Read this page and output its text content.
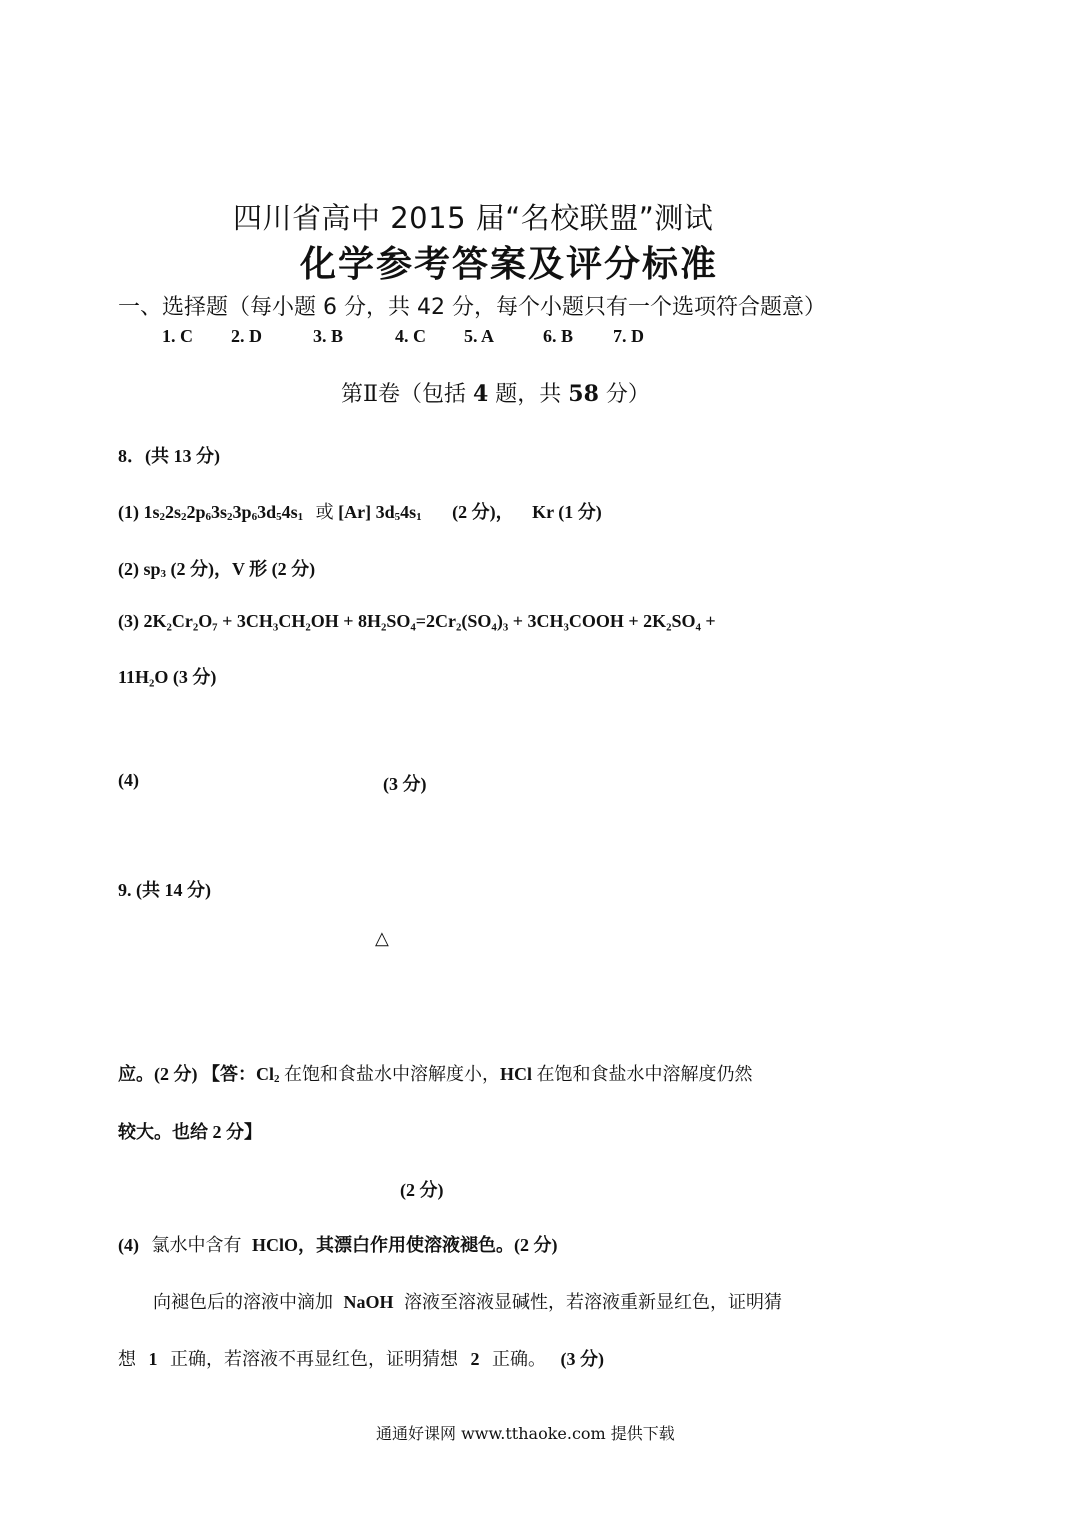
四川省高中 2015 届“名校联盟”测试
化学参考答案及评分标准
一、选择题（每小题 6 分，共 42 分，每个小题只有一个选项符合题意）
1. C 2. D	3. B	4. C 5. A	6. B 7. D
第Ⅱ卷（包括 4 题，共 58 分）
8．(共 13 分)
(1) $1s_22s_22p_63s_23p_63d_54s_1$ 或 [Ar] $3d_54s_1$ (2 分)， Kr (1 分)
(2) $sp_3$ (2 分)，V 形 (2 分)
(3) 2K₂Cr₂O₇ + 3CH₃CH₂OH + 8H₂SO₄=2Cr₂(SO₄)₃ + 3CH₃COOH + 2K₂SO₄ +
11H₂O (3 分)
(4)	(3 分)
9. (共 14 分)
△
应。(2 分) 【答：$Cl_2$ 在饱和食盐水中溶解度小，HCl 在饱和食盐水中溶解度仍然
较大。也给 2 分】
(2 分)
(4) 氯水中含有 HClO，其漂白作用使溶液褪色。(2 分)
向褪色后的溶液中滴加 NaOH 溶液至溶液显碱性，若溶液重新显红色，证明猜
想 1 正确，若溶液不再显红色，证明猜想 2 正确。 (3 分)
通通好课网 www.tthaoke.com 提供下载
